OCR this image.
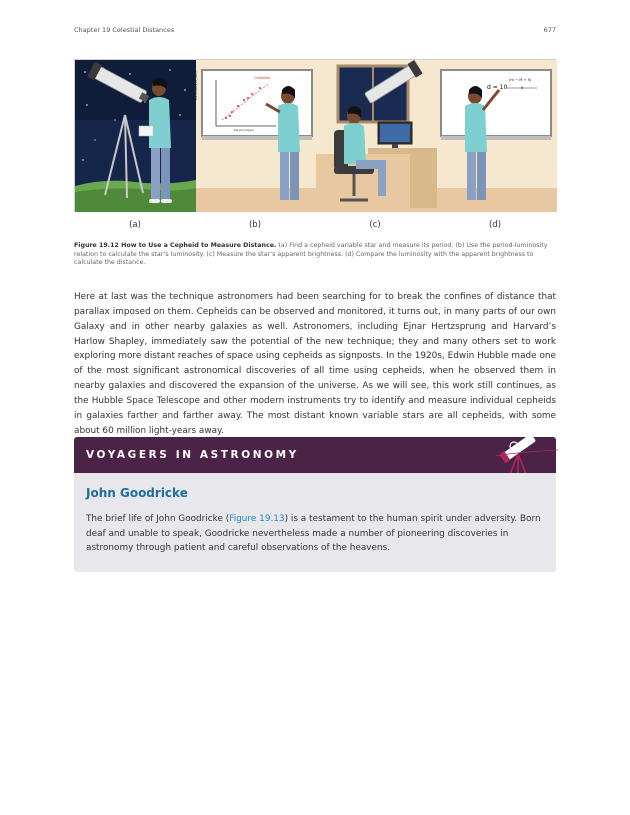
Chapter 19 Celestial Distances	677
Cepheids
Luminosity (L_Sun)
Period (days)
d = 10
(m − M + 5)
5
(a)	(b)	(c)	(d)
Figure 19.12 How to Use a Cepheid to Measure Distance. (a) Find a cepheid variable star and measure its period. (b) Use the period-luminosity relation to calculate the star’s luminosity. (c) Measure the star’s apparent brightness. (d) Compare the luminosity with the apparent brightness to calculate the distance.

Here at last was the technique astronomers had been searching for to break the confines of distance that parallax imposed on them. Cepheids can be observed and monitored, it turns out, in many parts of our own Galaxy and in other nearby galaxies as well. Astronomers, including Ejnar Hertzsprung and Harvard’s Harlow Shapley, immediately saw the potential of the new technique; they and many others set to work exploring more distant reaches of space using cepheids as signposts. In the 1920s, Edwin Hubble made one of the most significant astronomical discoveries of all time using cepheids, when he observed them in nearby galaxies and discovered the expansion of the universe. As we will see, this work still continues, as the Hubble Space Telescope and other modern instruments try to identify and measure individual cepheids in galaxies farther and farther away. The most distant known variable stars are all cepheids, with some about 60 million light-years away.

VOYAGERS IN ASTRONOMY
John Goodricke

The brief life of John Goodricke (Figure 19.13) is a testament to the human spirit under adversity. Born deaf and unable to speak, Goodricke nevertheless made a number of pioneering discoveries in astronomy through patient and careful observations of the heavens.
